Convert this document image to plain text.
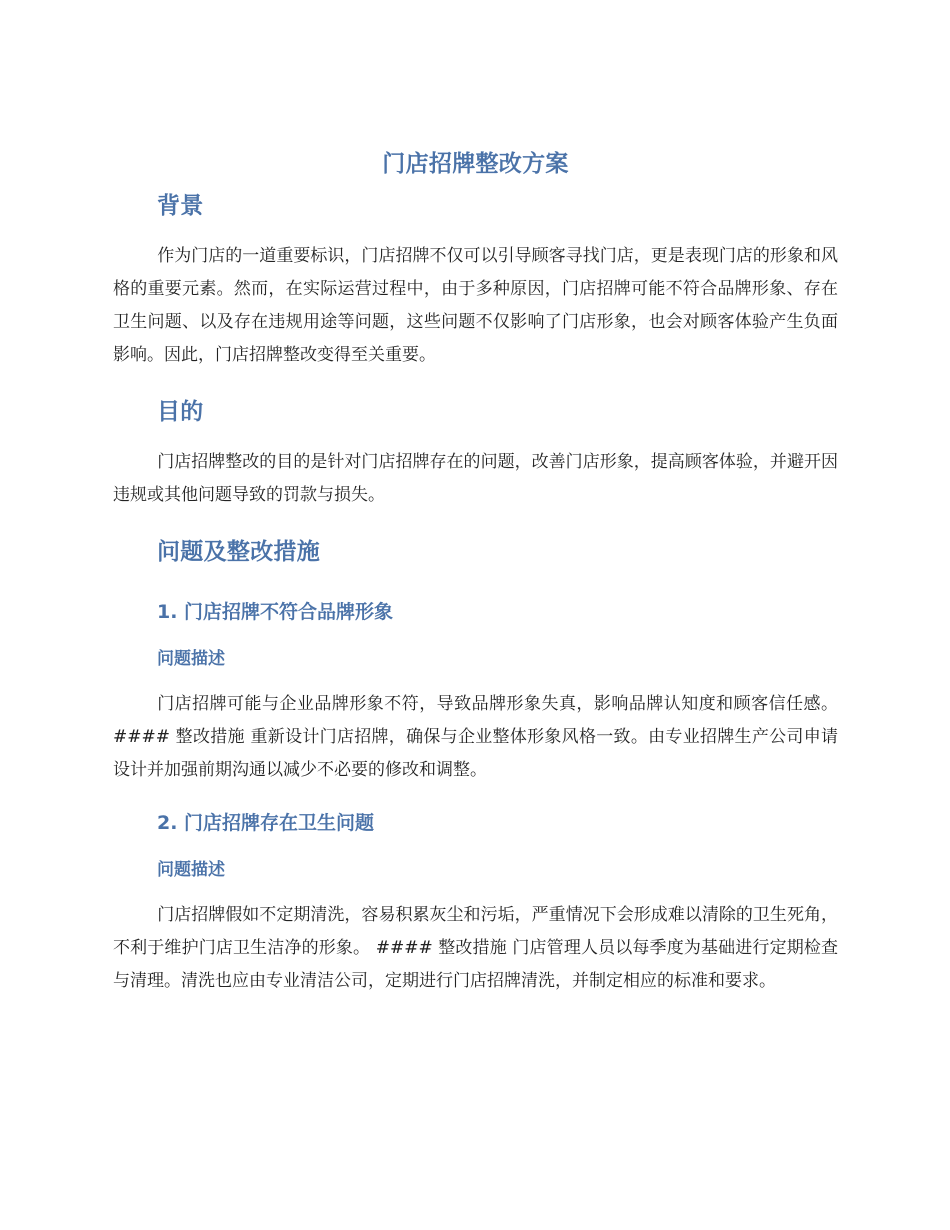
门店招牌整改方案
背景

作为门店的一道重要标识，门店招牌不仅可以引导顾客寻找门店，更是表现门店的形象和风格的重要元素。然而，在实际运营过程中，由于多种原因，门店招牌可能不符合品牌形象、存在卫生问题、以及存在违规用途等问题，这些问题不仅影响了门店形象，也会对顾客体验产生负面影响。因此，门店招牌整改变得至关重要。

目的

门店招牌整改的目的是针对门店招牌存在的问题，改善门店形象，提高顾客体验，并避开因违规或其他问题导致的罚款与损失。

问题及整改措施
1. 门店招牌不符合品牌形象
问题描述

门店招牌可能与企业品牌形象不符，导致品牌形象失真，影响品牌认知度和顾客信任感。 #### 整改措施 重新设计门店招牌，确保与企业整体形象风格一致。由专业招牌生产公司申请设计并加强前期沟通以减少不必要的修改和调整。

2. 门店招牌存在卫生问题
问题描述

门店招牌假如不定期清洗，容易积累灰尘和污垢，严重情况下会形成难以清除的卫生死角，不利于维护门店卫生洁净的形象。 #### 整改措施 门店管理人员以每季度为基础进行定期检查与清理。清洗也应由专业清洁公司，定期进行门店招牌清洗，并制定相应的标准和要求。
